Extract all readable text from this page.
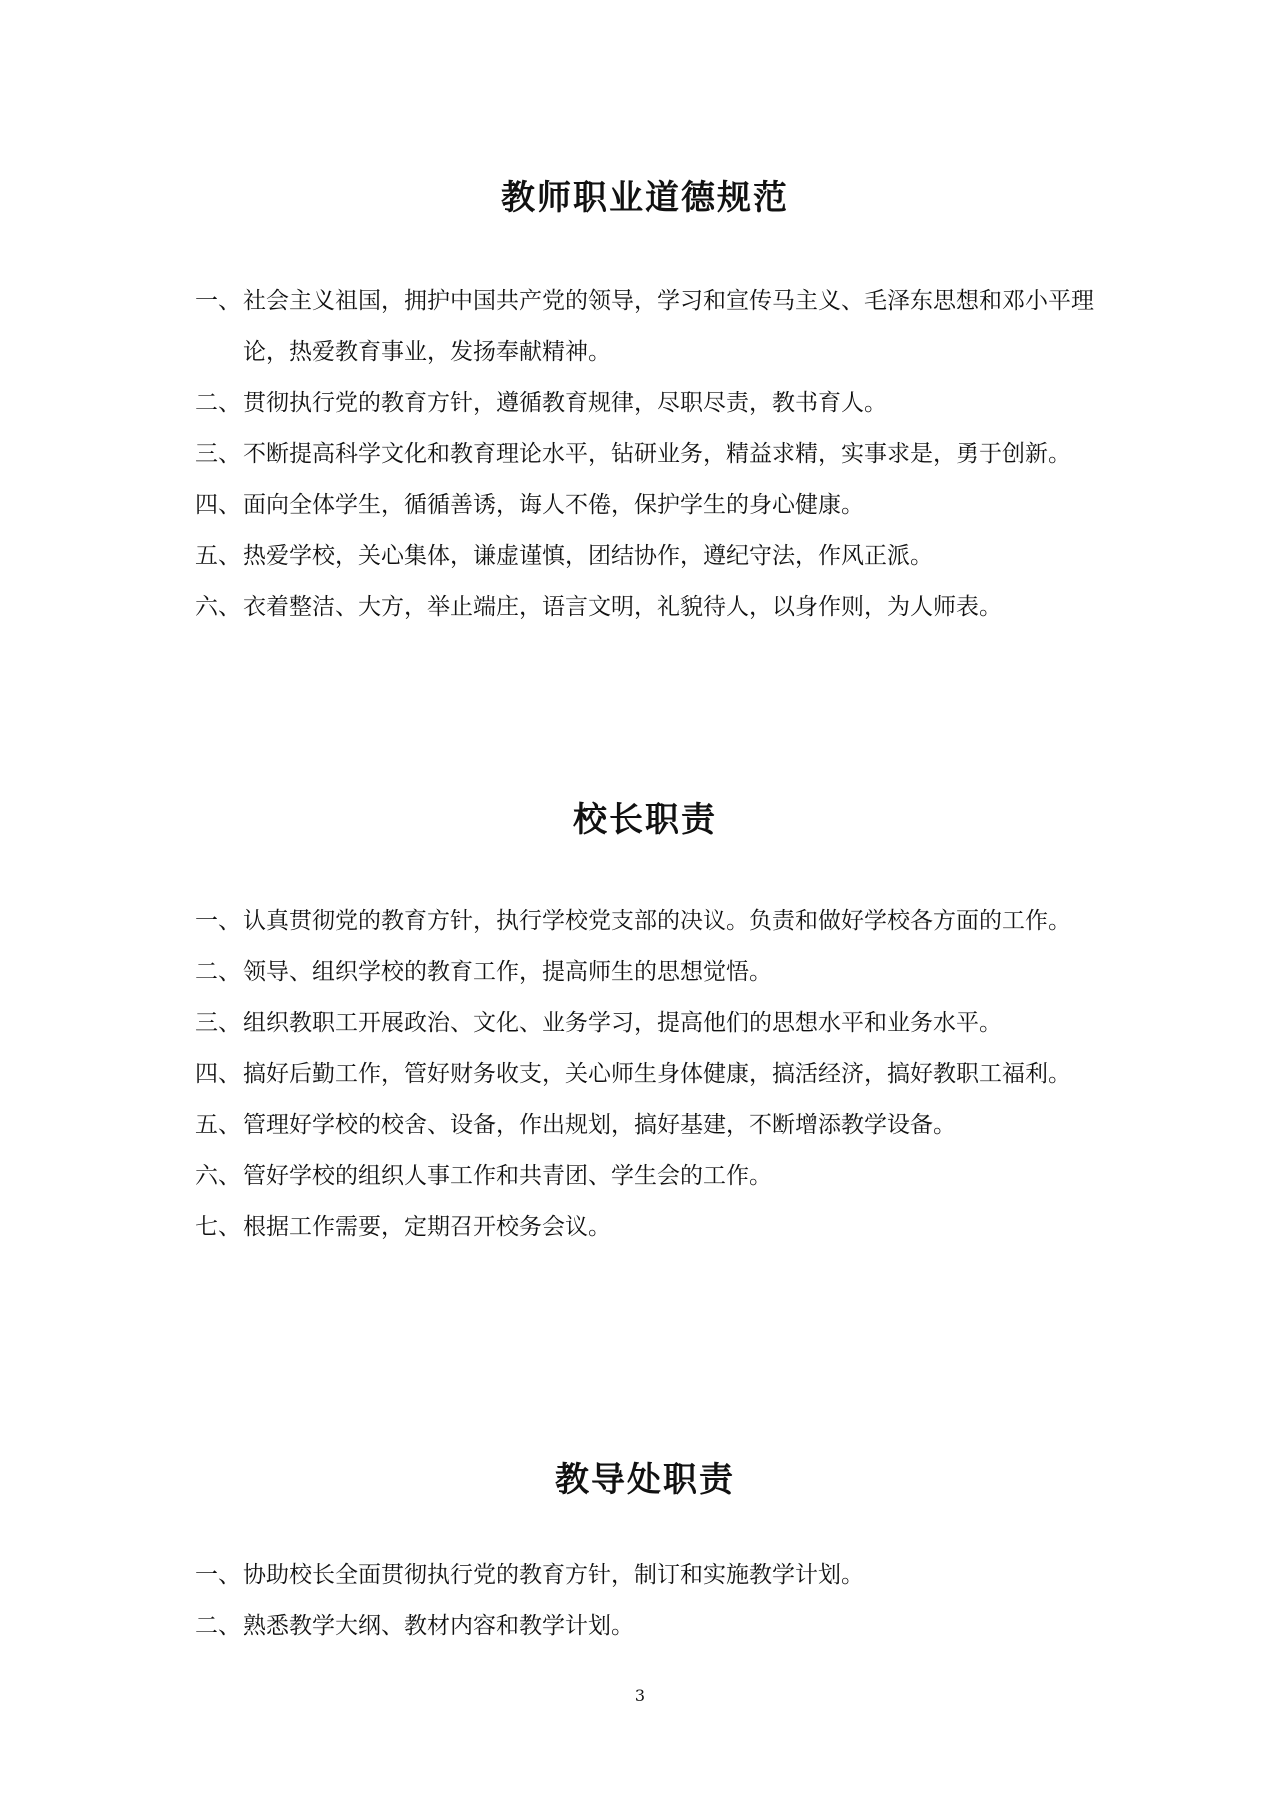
教师职业道德规范
一、 社会主义祖国，拥护中国共产党的领导，学习和宣传马主义、毛泽东思想和邓小平理论，热爱教育事业，发扬奉献精神。
二、 贯彻执行党的教育方针，遵循教育规律，尽职尽责，教书育人。
三、 不断提高科学文化和教育理论水平，钻研业务，精益求精，实事求是，勇于创新。
四、 面向全体学生，循循善诱，诲人不倦，保护学生的身心健康。
五、 热爱学校，关心集体，谦虚谨慎，团结协作，遵纪守法，作风正派。
六、 衣着整洁、大方，举止端庄，语言文明，礼貌待人，以身作则，为人师表。
校长职责
一、 认真贯彻党的教育方针，执行学校党支部的决议。负责和做好学校各方面的工作。
二、 领导、组织学校的教育工作，提高师生的思想觉悟。
三、 组织教职工开展政治、文化、业务学习，提高他们的思想水平和业务水平。
四、 搞好后勤工作，管好财务收支，关心师生身体健康，搞活经济，搞好教职工福利。
五、 管理好学校的校舍、设备，作出规划，搞好基建，不断增添教学设备。
六、 管好学校的组织人事工作和共青团、学生会的工作。
七、 根据工作需要，定期召开校务会议。
教导处职责
一、 协助校长全面贯彻执行党的教育方针，制订和实施教学计划。
二、 熟悉教学大纲、教材内容和教学计划。
3
